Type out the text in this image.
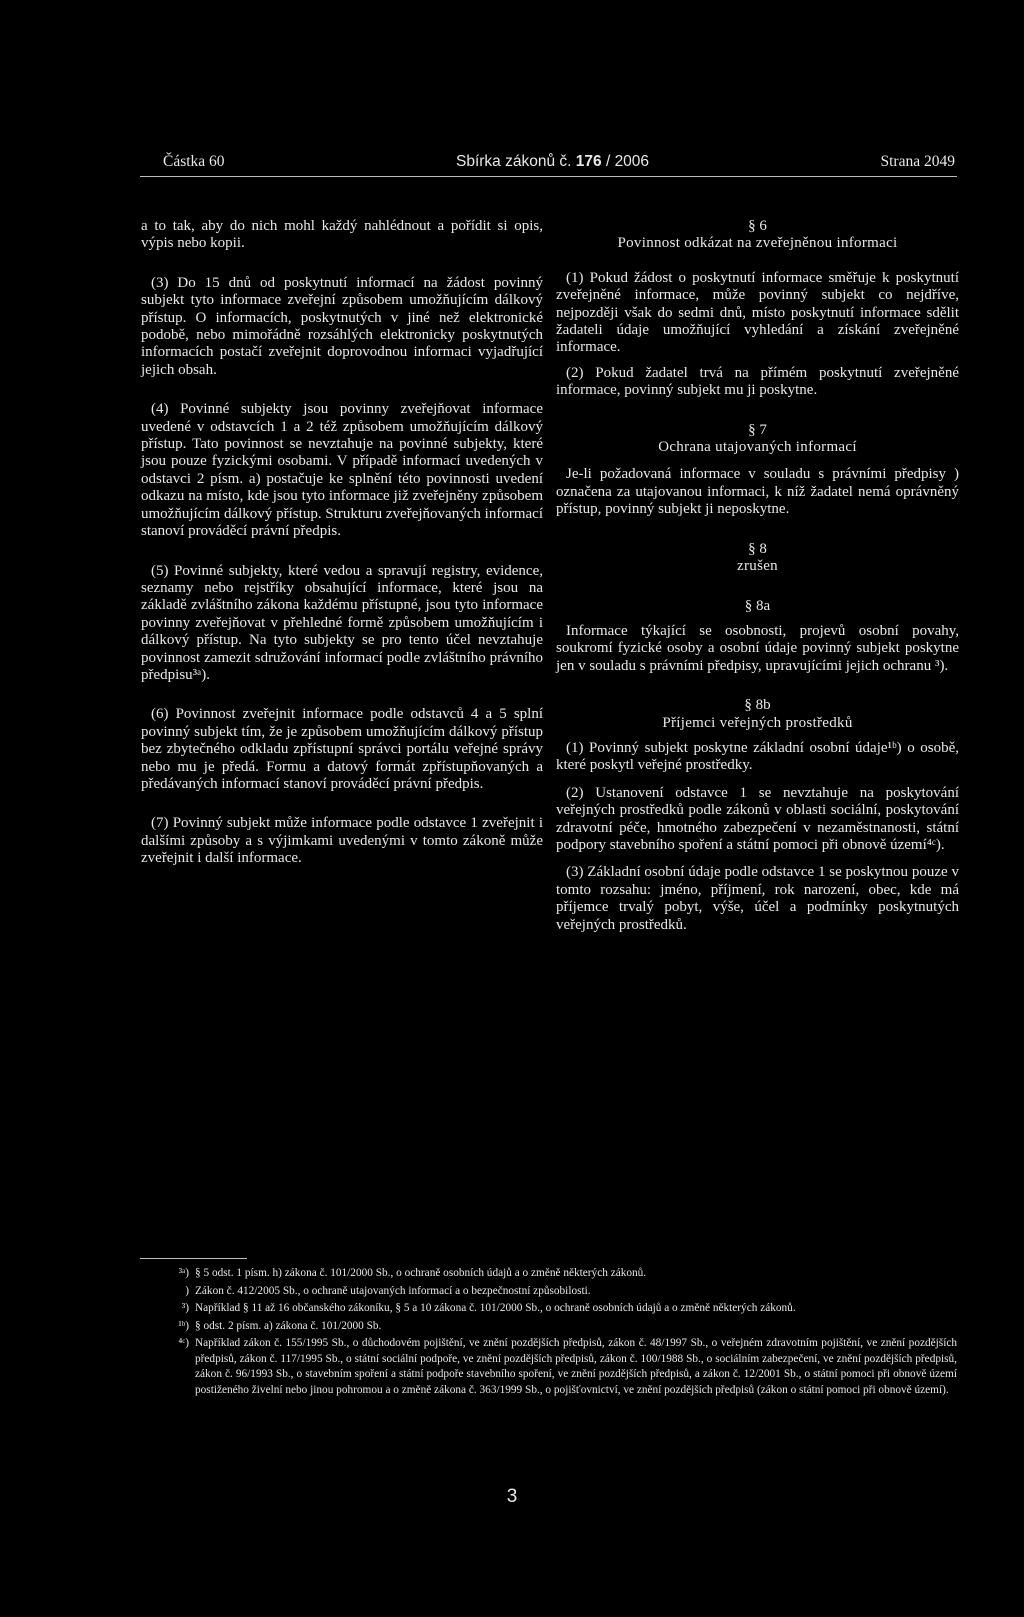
Částka 60	Sbírka zákonů č. 176 / 2006	Strana 2049

a to tak, aby do nich mohl každý nahlédnout a pořídit si opis, výpis nebo kopii.

(3) Do 15 dnů od poskytnutí informací na žádost povinný subjekt tyto informace zveřejní způsobem umožňujícím dálkový přístup. O informacích, poskytnutých v jiné než elektronické podobě, nebo mimořádně rozsáhlých elektronicky poskytnutých informacích postačí zveřejnit doprovodnou informaci vyjadřující jejich obsah.

(4) Povinné subjekty jsou povinny zveřejňovat informace uvedené v odstavcích 1 a 2 též způsobem umožňujícím dálkový přístup. Tato povinnost se nevztahuje na povinné subjekty, které jsou pouze fyzickými osobami. V případě informací uvedených v odstavci 2 písm. a) postačuje ke splnění této povinnosti uvedení odkazu na místo, kde jsou tyto informace již zveřejněny způsobem umožňujícím dálkový přístup. Strukturu zveřejňovaných informací stanoví prováděcí právní předpis.

(5) Povinné subjekty, které vedou a spravují registry, evidence, seznamy nebo rejstříky obsahující informace, které jsou na základě zvláštního zákona každému přístupné, jsou tyto informace povinny zveřejňovat v přehledné formě způsobem umožňujícím i dálkový přístup. Na tyto subjekty se pro tento účel nevztahuje povinnost zamezit sdružování informací podle zvláštního právního předpisu³ᵃ).

(6) Povinnost zveřejnit informace podle odstavců 4 a 5 splní povinný subjekt tím, že je způsobem umožňujícím dálkový přístup bez zbytečného odkladu zpřístupní správci portálu veřejné správy nebo mu je předá. Formu a datový formát zpřístupňovaných a předávaných informací stanoví prováděcí právní předpis.

(7) Povinný subjekt může informace podle odstavce 1 zveřejnit i dalšími způsoby a s výjimkami uvedenými v tomto zákoně může zveřejnit i další informace.

§ 6
Povinnost odkázat na zveřejněnou informaci

(1) Pokud žádost o poskytnutí informace směřuje k poskytnutí zveřejněné informace, může povinný subjekt co nejdříve, nejpozději však do sedmi dnů, místo poskytnutí informace sdělit žadateli údaje umožňující vyhledání a získání zveřejněné informace.

(2) Pokud žadatel trvá na přímém poskytnutí zveřejněné informace, povinný subjekt mu ji poskytne.

§ 7
Ochrana utajovaných informací

Je-li požadovaná informace v souladu s právními předpisy ) označena za utajovanou informaci, k níž žadatel nemá oprávněný přístup, povinný subjekt ji neposkytne.

§ 8
zrušen
§ 8a

Informace týkající se osobnosti, projevů osobní povahy, soukromí fyzické osoby a osobní údaje povinný subjekt poskytne jen v souladu s právními předpisy, upravujícími jejich ochranu ³).

§ 8b
Příjemci veřejných prostředků

(1) Povinný subjekt poskytne základní osobní údaje¹ᵇ) o osobě, které poskytl veřejné prostředky.

(2) Ustanovení odstavce 1 se nevztahuje na poskytování veřejných prostředků podle zákonů v oblasti sociální, poskytování zdravotní péče, hmotného zabezpečení v nezaměstnanosti, státní podpory stavebního spoření a státní pomoci při obnově území⁴ᶜ).

(3) Základní osobní údaje podle odstavce 1 se poskytnou pouze v tomto rozsahu: jméno, příjmení, rok narození, obec, kde má příjemce trvalý pobyt, výše, účel a podmínky poskytnutých veřejných prostředků.

³ᵃ) § 5 odst. 1 písm. h) zákona č. 101/2000 Sb., o ochraně osobních údajů a o změně některých zákonů.
) Zákon č. 412/2005 Sb., o ochraně utajovaných informací a o bezpečnostní způsobilosti.
³) Například § 11 až 16 občanského zákoníku, § 5 a 10 zákona č. 101/2000 Sb., o ochraně osobních údajů a o změně některých zákonů.
¹ᵇ) § odst. 2 písm. a) zákona č. 101/2000 Sb.
⁴ᶜ) Například zákon č. 155/1995 Sb., o důchodovém pojištění, ve znění pozdějších předpisů, zákon č. 48/1997 Sb., o veřejném zdravotním pojištění, ve znění pozdějších předpisů, zákon č. 117/1995 Sb., o státní sociální podpoře, ve znění pozdějších předpisů, zákon č. 100/1988 Sb., o sociálním zabezpečení, ve znění pozdějších předpisů, zákon č. 96/1993 Sb., o stavebním spoření a státní podpoře stavebního spoření, ve znění pozdějších předpisů, a zákon č. 12/2001 Sb., o státní pomoci při obnově území postiženého živelní nebo jinou pohromou a o změně zákona č. 363/1999 Sb., o pojišťovnictví, ve znění pozdějších předpisů (zákon o státní pomoci při obnově území).
3
